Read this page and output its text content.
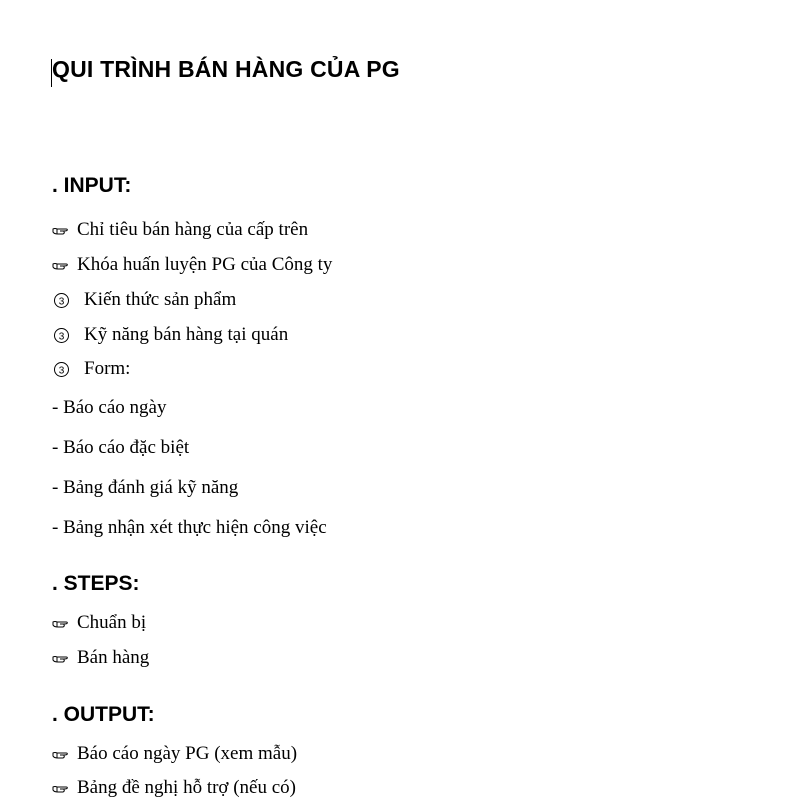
QUI TRÌNH BÁN HÀNG CỦA PG
. INPUT:
Chỉ tiêu bán hàng của cấp trên
Khóa huấn luyện PG của Công ty
3 Kiến thức sản phẩm
3 Kỹ năng bán hàng tại quán
3 Form:
- Báo cáo ngày
- Báo cáo đặc biệt
- Bảng đánh giá kỹ năng
- Bảng nhận xét thực hiện công việc
. STEPS:
Chuẩn bị
Bán hàng
. OUTPUT:
Báo cáo ngày PG (xem mẫu)
Bảng đề nghị hỗ trợ (nếu có)
